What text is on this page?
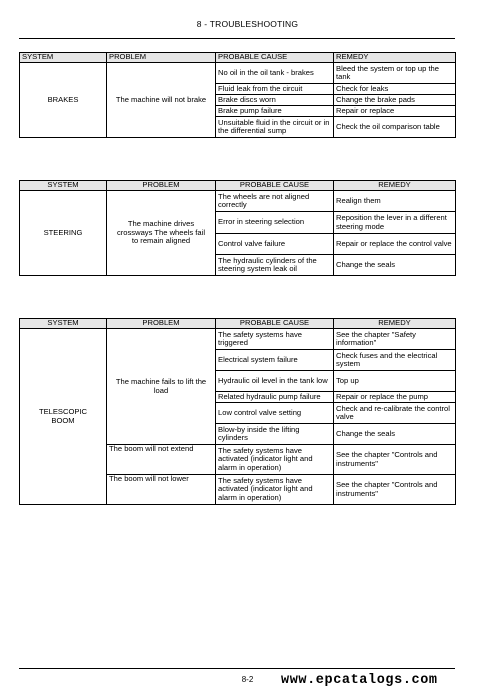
8 - TROUBLESHOOTING
SYSTEM	PROBLEM	PROBABLE CAUSE	REMEDY
BRAKES	The machine will not brake	No oil in the oil tank - brakes	Bleed the system or top up the tank
		Fluid leak from the circuit	Check for leaks
		Brake discs worn	Change the brake pads
		Brake pump failure	Repair or replace
		Unsuitable fluid in the circuit or in the differential sump	Check the oil comparison table
SYSTEM	PROBLEM	PROBABLE CAUSE	REMEDY
STEERING	The machine drives crossways The wheels fail to remain aligned	The wheels are not aligned correctly	Realign them
		Error in steering selection	Reposition the lever in a different steering mode
		Control valve failure	Repair or replace the control valve
		The hydraulic cylinders of the steering system leak oil	Change the seals
SYSTEM	PROBLEM	PROBABLE CAUSE	REMEDY
TELESCOPIC BOOM	The machine fails to lift the load	The safety systems have triggered	See the chapter "Safety information"
		Electrical system failure	Check fuses and the electrical system
		Hydraulic oil level in the tank low	Top up
		Related hydraulic pump failure	Repair or replace the pump
		Low control valve setting	Check and re-calibrate the control valve
		Blow-by inside the lifting cylinders	Change the seals
	The boom will not extend	The safety systems have activated (indicator light and alarm in operation)	See the chapter "Controls and instruments"
	The boom will not lower	The safety systems have activated (indicator light and alarm in operation)	See the chapter "Controls and instruments"
8-2	www.epcatalogs.com
